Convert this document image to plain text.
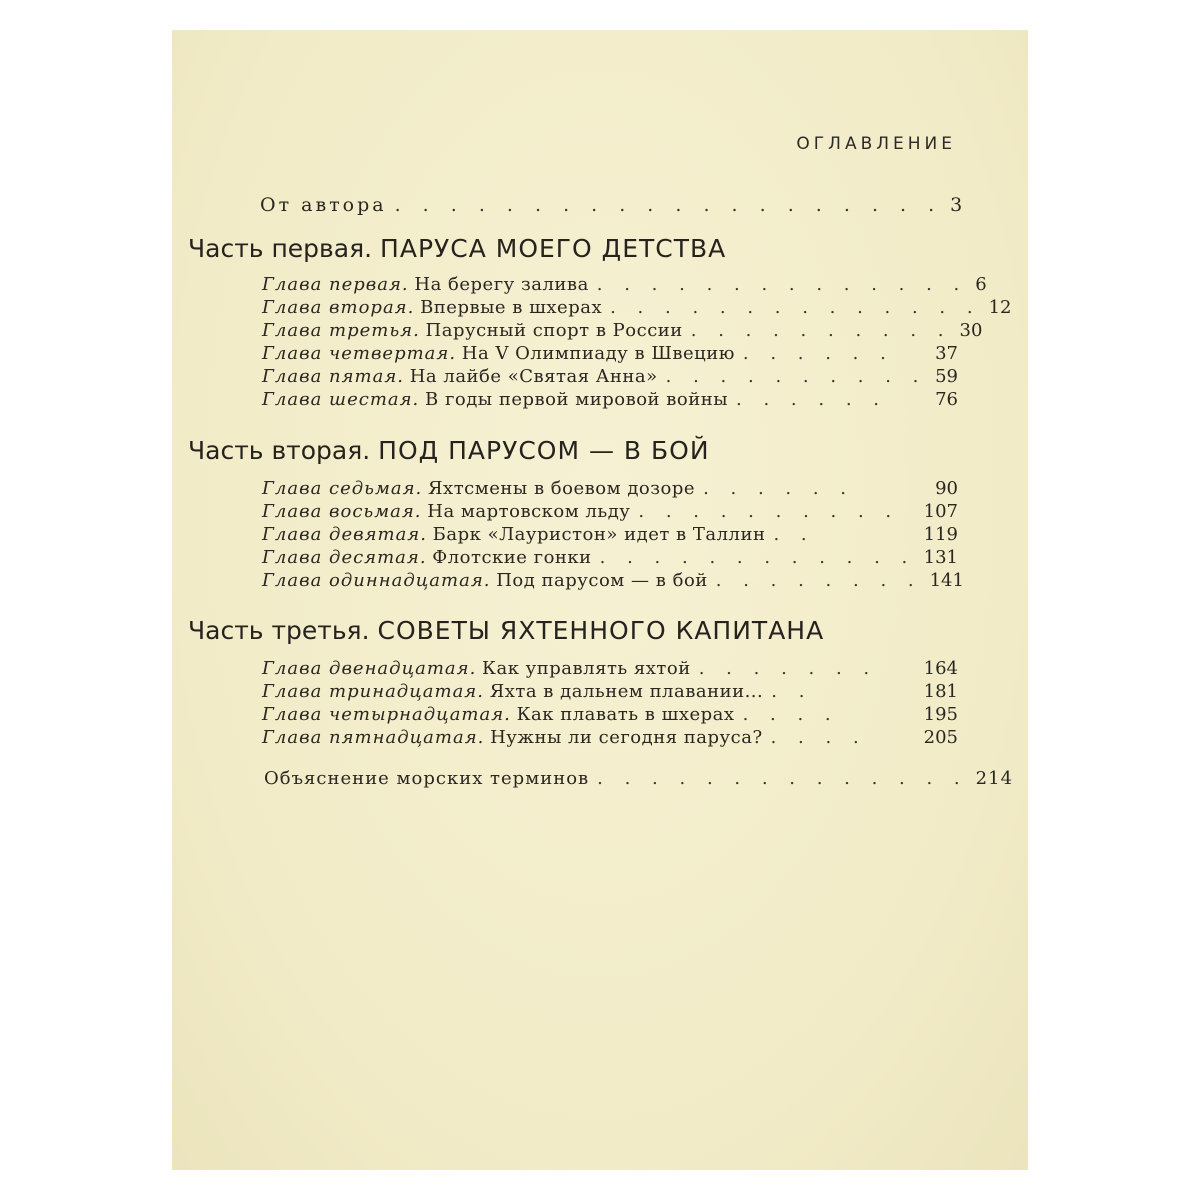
ОГЛАВЛЕНИЕ
От автора . . . . . . . . . . . . . . . . . . . . 3
Часть первая. ПАРУСА МОЕГО ДЕТСТВА
Глава первая. На берегу залива . . . . . . . . . . . . . . 6
Глава вторая. Впервые в шхерах . . . . . . . . . . . . . . 12
Глава третья. Парусный спорт в России . . . . . . . . . . 30
Глава четвертая. На V Олимпиаду в Швецию . . . . . .	37
Глава пятая. На лайбе «Святая Анна» . . . . . . . . . . 59
Глава шестая. В годы первой мировой войны . . . . . .	76
Часть вторая. ПОД ПАРУСОМ — В БОЙ
Глава седьмая. Яхтсмены в боевом дозоре . . . . . .	90
Глава восьмая. На мартовском льду . . . . . . . . . .	107
Глава девятая. Барк «Лауристон» идет в Таллин . .	119
Глава десятая. Флотские гонки . . . . . . . . . . . . 131
Глава одиннадцатая. Под парусом — в бой . . . . . . . . 141
Часть третья. СОВЕТЫ ЯХТЕННОГО КАПИТАНА
Глава двенадцатая. Как управлять яхтой . . . . . . .	164
Глава тринадцатая. Яхта в дальнем плавании... . .	181
Глава четырнадцатая. Как плавать в шхерах . . . .	195
Глава пятнадцатая. Нужны ли сегодня паруса? . . . .	205
Объяснение морских терминов . . . . . . . . . . . . . . 214
